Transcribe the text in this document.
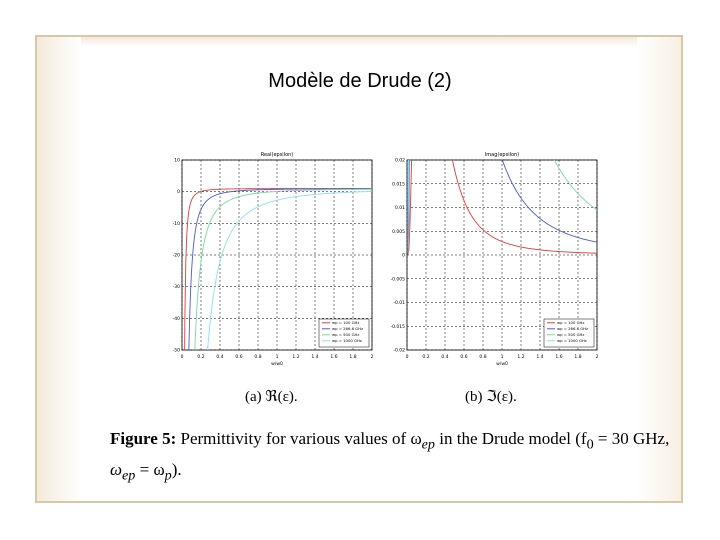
Modèle de Drude (2)
0	0.2	0.4	0.6	0.8	1	1.2	1.4	1.6	1.8	2
10
0
-10
-20
-30
-40
-50
Real(epsilon)
w/w0
wp = 100 GHz
wp = 266.6 GHz
wp = 500 GHz
wp = 1000 GHz
0	0.2	0.4	0.6	0.8	1	1.2	1.4	1.6	1.8	2
0.02
0.015
0.01
0.005
0
-0.005
-0.01
-0.015
-0.02
Imag(epsilon)
w/w0
wp = 100 GHz
wp = 266.6 GHz
wp = 500 GHz
wp = 1000 GHz
(a) ℜ(ε).	(b) ℑ(ε).
Figure 5: Permittivity for various values of $\omega_{ep}$ in the Drude model ($f_0 = 30$ GHz,
$\omega_{ep} = \omega_p$).
